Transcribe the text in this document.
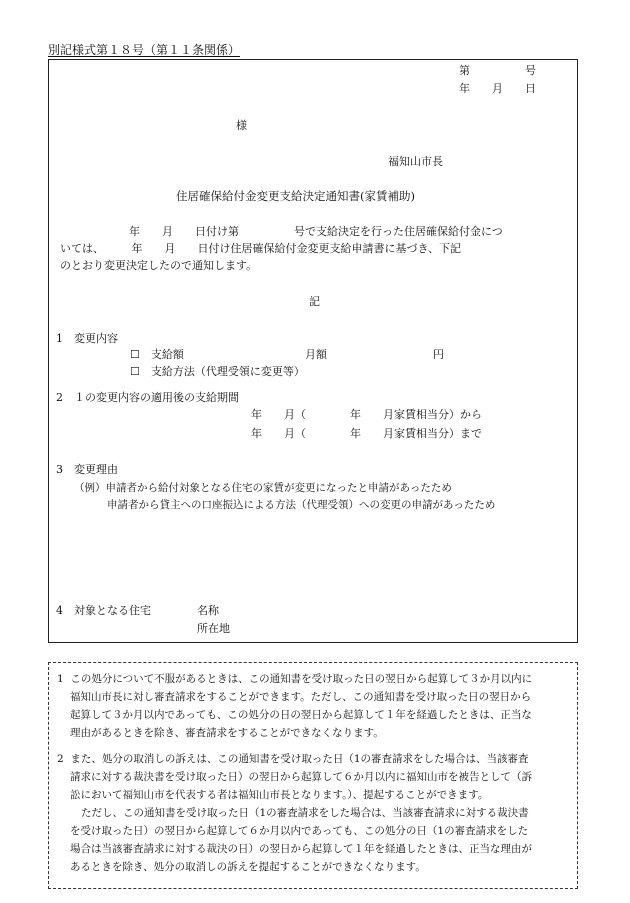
別記様式第１８号（第１１条関係）
第　　　　　号
年　　月　　日
様
福知山市長
住居確保給付金変更支給決定通知書(家賃補助)
年　　月　　日付け第　　　　　号で支給決定を行った住居確保給付金につ
いては、　　　年　　月　　日付け住居確保給付金変更支給申請書に基づき、下記
のとおり変更決定したので通知します。
記
1　変更内容
☐　支給額	月額	円
☐　支給方法（代理受領に変更等）
2　１の変更内容の適用後の支給期間
年　　月（　　　　年　　月家賃相当分）から
年　　月（　　　　年　　月家賃相当分）まで
3　変更理由
（例）申請者から給付対象となる住宅の家賃が変更になったと申請があったため
申請者から貸主への口座振込による方法（代理受領）への変更の申請があったため
4　対象となる住宅	名称
所在地
1  この処分について不服があるときは、この通知書を受け取った日の翌日から起算して３か月以内に
福知山市長に対し審査請求をすることができます。ただし、この通知書を受け取った日の翌日から
起算して３か月以内であっても、この処分の日の翌日から起算して１年を経過したときは、正当な
理由があるときを除き、審査請求をすることができなくなります。
2  また、処分の取消しの訴えは、この通知書を受け取った日（1の審査請求をした場合は、当該審査
請求に対する裁決書を受け取った日）の翌日から起算して６か月以内に福知山市を被告として（訴
訟において福知山市を代表する者は福知山市長となります。）、提起することができます。
ただし、この通知書を受け取った日（1の審査請求をした場合は、当該審査請求に対する裁決書
を受け取った日）の翌日から起算して６か月以内であっても、この処分の日（1の審査請求をした
場合は当該審査請求に対する裁決の日）の翌日から起算して１年を経過したときは、正当な理由が
あるときを除き、処分の取消しの訴えを提起することができなくなります。
